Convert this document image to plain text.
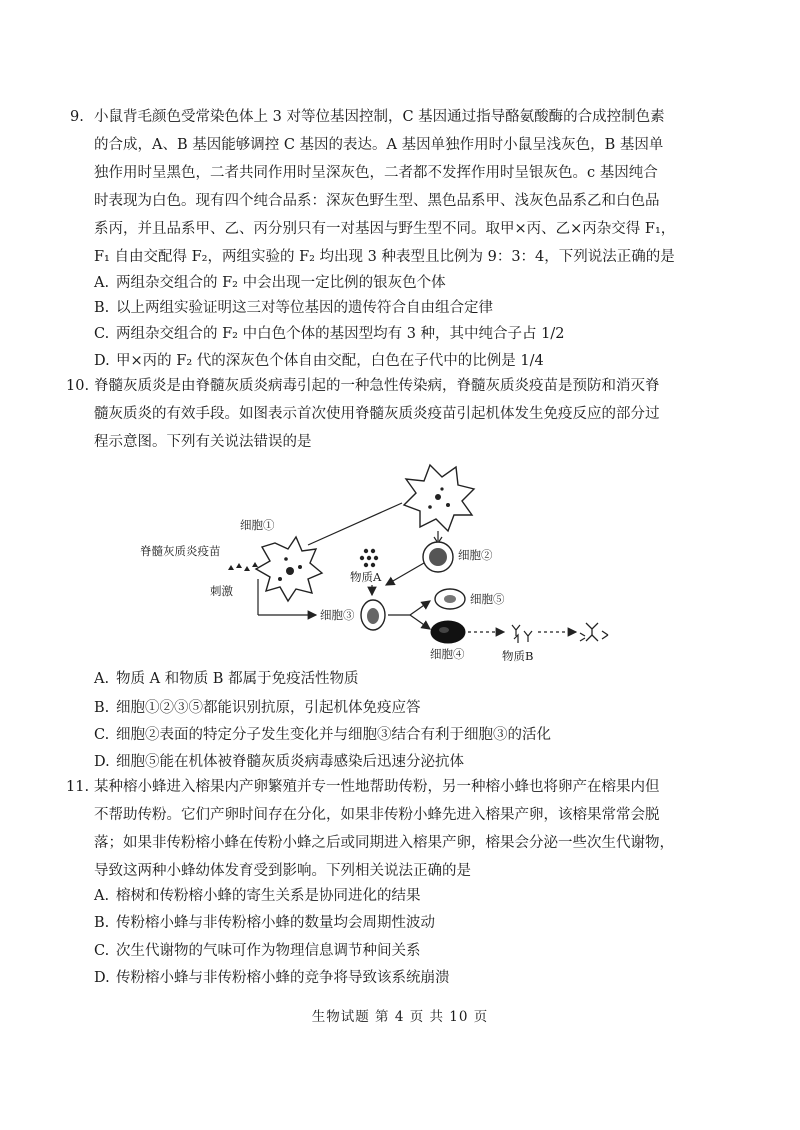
9. 小鼠背毛颜色受常染色体上 3 对等位基因控制，C 基因通过指导酪氨酸酶的合成控制色素

的合成，A、B 基因能够调控 C 基因的表达。A 基因单独作用时小鼠呈浅灰色，B 基因单

独作用时呈黑色，二者共同作用时呈深灰色，二者都不发挥作用时呈银灰色。c 基因纯合

时表现为白色。现有四个纯合品系：深灰色野生型、黑色品系甲、浅灰色品系乙和白色品

系丙，并且品系甲、乙、丙分别只有一对基因与野生型不同。取甲×丙、乙×丙杂交得 F₁，

F₁ 自由交配得 F₂，两组实验的 F₂ 均出现 3 种表型且比例为 9：3：4，下列说法正确的是

A. 两组杂交组合的 F₂ 中会出现一定比例的银灰色个体
B. 以上两组实验证明这三对等位基因的遗传符合自由组合定律
C. 两组杂交组合的 F₂ 中白色个体的基因型均有 3 种，其中纯合子占 1/2
D. 甲×丙的 F₂ 代的深灰色个体自由交配，白色在子代中的比例是 1/4
10. 脊髓灰质炎是由脊髓灰质炎病毒引起的一种急性传染病，脊髓灰质炎疫苗是预防和消灭脊

髓灰质炎的有效手段。如图表示首次使用脊髓灰质炎疫苗引起机体发生免疫反应的部分过

程示意图。下列有关说法错误的是

细胞②
细胞①
脊髓灰质炎疫苗
物质A
刺激
细胞③
细胞⑤
细胞④	物质B
A. 物质 A 和物质 B 都属于免疫活性物质
B. 细胞①②③⑤都能识别抗原，引起机体免疫应答
C. 细胞②表面的特定分子发生变化并与细胞③结合有利于细胞③的活化
D. 细胞⑤能在机体被脊髓灰质炎病毒感染后迅速分泌抗体
11. 某种榕小蜂进入榕果内产卵繁殖并专一性地帮助传粉，另一种榕小蜂也将卵产在榕果内但

不帮助传粉。它们产卵时间存在分化，如果非传粉小蜂先进入榕果产卵，该榕果常常会脱

落；如果非传粉榕小蜂在传粉小蜂之后或同期进入榕果产卵，榕果会分泌一些次生代谢物，

导致这两种小蜂幼体发育受到影响。下列相关说法正确的是

A. 榕树和传粉榕小蜂的寄生关系是协同进化的结果
B. 传粉榕小蜂与非传粉榕小蜂的数量均会周期性波动
C. 次生代谢物的气味可作为物理信息调节种间关系
D. 传粉榕小蜂与非传粉榕小蜂的竞争将导致该系统崩溃
生物试题 第 4 页 共 10 页
